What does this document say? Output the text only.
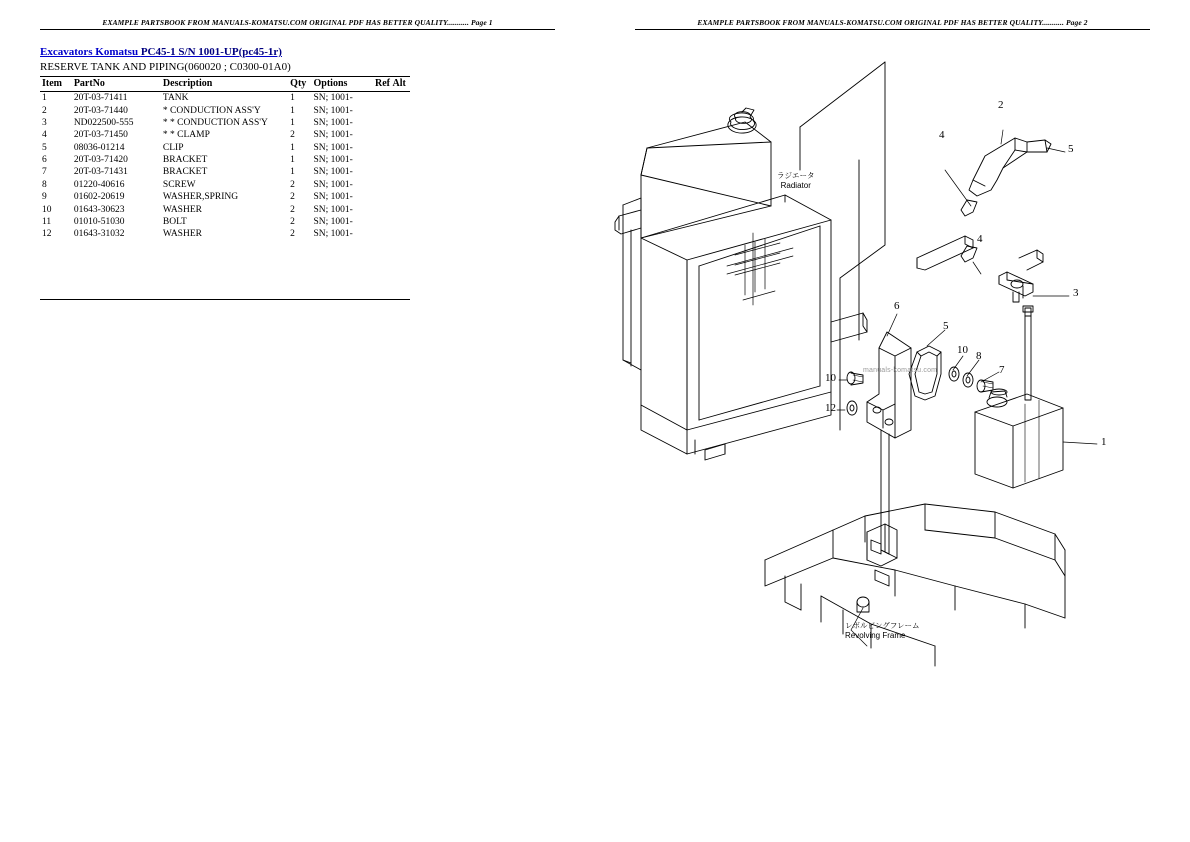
EXAMPLE PARTSBOOK FROM MANUALS-KOMATSU.COM ORIGINAL PDF HAS BETTER QUALITY........... Page 1
Excavators Komatsu PC45-1 S/N 1001-UP(pc45-1r)
RESERVE TANK AND PIPING(060020 ; C0300-01A0)
Item	PartNo	Description	Qty	Options	Ref Alt
1	20T-03-71411	TANK	1	SN; 1001-	
2	20T-03-71440	* CONDUCTION ASS'Y	1	SN; 1001-	
3	ND022500-555	* * CONDUCTION ASS'Y	1	SN; 1001-	
4	20T-03-71450	* * CLAMP	2	SN; 1001-	
5	08036-01214	CLIP	1	SN; 1001-	
6	20T-03-71420	BRACKET	1	SN; 1001-	
7	20T-03-71431	BRACKET	1	SN; 1001-	
8	01220-40616	SCREW	2	SN; 1001-	
9	01602-20619	WASHER,SPRING	2	SN; 1001-	
10	01643-30623	WASHER	2	SN; 1001-	
11	01010-51030	BOLT	2	SN; 1001-	
12	01643-31032	WASHER	2	SN; 1001-	
EXAMPLE PARTSBOOK FROM MANUALS-KOMATSU.COM ORIGINAL PDF HAS BETTER QUALITY........... Page 2
manuals-komatsu.com
ラジエータ
Radiator
レボルビングフレーム
Revolving Frame
2
4
5
4
3
6
5
10 8
7
10
12
1
